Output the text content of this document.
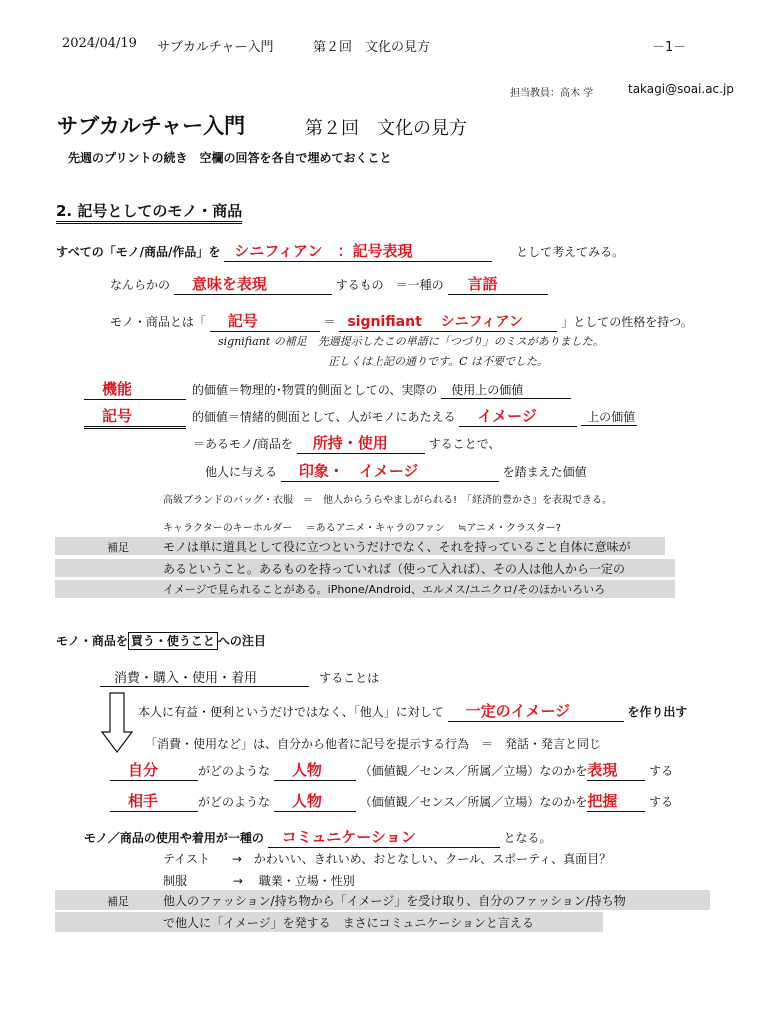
2024/04/19 サブカルチャー入門	第２回　文化の見方	－1－
担当教員：高木 学	takagi@soai.ac.jp
サブカルチャー入門	第２回　文化の見方
先週のプリントの続き　空欄の回答を各自で埋めておくこと
2. 記号としてのモノ・商品
すべての「モノ/商品/作品」を シニフィアン　：記号表現	として考えてみる。
なんらかの 意味を表現	するもの　＝一種の 言語
モノ・商品とは「 記号	＝ signifiant　 シニフィアン	」としての性格を持つ。
signifiant の補足　先週提示したこの単語に「つづり」のミスがありました。
正しくは上記の通りです。C は不要でした。
機能	的価値＝物理的･物質的側面としての、実際の 使用上の価値
記号	的価値＝情緒的側面として、人がモノにあたえる イメージ	上の価値
＝あるモノ/商品を 所持・使用	することで、
他人に与える 印象・　イメージ	を踏まえた価値
高級ブランドのバッグ・衣服　＝　他人からうらやましがられる!　「経済的豊かさ」を表現できる。
キャラクターのキーホルダー　 ＝あるアニメ・キャラのファン　 ≒アニメ・クラスター?
補足	モノは単に道具として役に立つというだけでなく、それを持っていること自体に意味が
あるということ。あるものを持っていれば（使って入れば）、その人は他人から一定の
イメージで見られることがある。iPhone/Android、エルメス/ユニクロ/そのほかいろいろ
モノ・商品を 買う・使うこと への注目
消費・購入・使用・着用	することは
本人に有益・便利というだけではなく、「他人」に対して 一定のイメージ	を作り出す
「消費・使用など」は、自分から他者に記号を提示する行為　＝　発話・発言と同じ
自分	がどのような 人物	（価値観／センス／所属／立場）なのかを表現	する
相手	がどのような 人物	（価値観／センス／所属／立場）なのかを把握	する
モノ／商品の使用や着用が一種の コミュニケーション	となる。
テイスト → かわいい、きれいめ、おとなしい、クール、スポーティ、真面目？
制服	→ 職業・立場・性別
補足	他人のファッション/持ち物から「イメージ」を受け取り、自分のファッション/持ち物
で他人に「イメージ」を発する　まさにコミュニケーションと言える
